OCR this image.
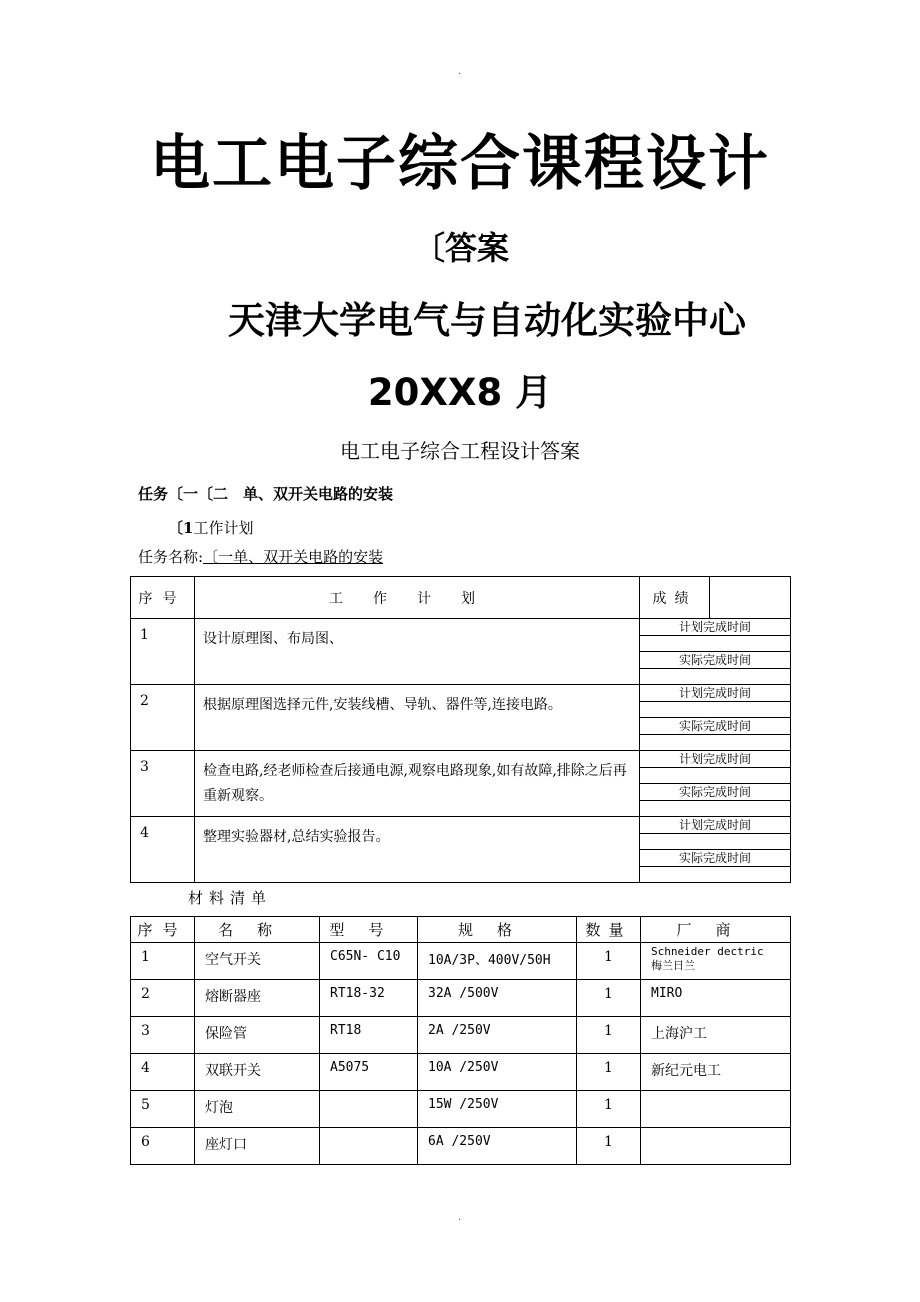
·
电工电子综合课程设计
〔答案
天津大学电气与自动化实验中心
20XX8 月
电工电子综合工程设计答案
任务〔一〔二　单、双开关电路的安装
〔1工作计划
任务名称:〔一单、双开关电路的安装
序号	工作计划	成绩	
1	设计原理图、布局图、	计划完成时间
实际完成时间	

2	根据原理图选择元件,安装线槽、导轨、器件等,连接电路。	计划完成时间
实际完成时间	

3	检查电路,经老师检查后接通电源,观察电路现象,如有故障,排除之后再重新观察。	计划完成时间
实际完成时间	

4	整理实验器材,总结实验报告。	计划完成时间
实际完成时间	
材料清单
序号	名称	型号	规格	数量	厂商
1	空气开关	C65N- C10	10A/3P、400V/50H	1	Schneider dectric
梅兰日兰

2	熔断器座	RT18-32	32A /500V	1	MIRO
3	保险管	RT18	2A /250V	1	上海沪工
4	双联开关	A5075	10A /250V	1	新纪元电工
5	灯泡		15W /250V	1	
6	座灯口		6A /250V	1	
·
